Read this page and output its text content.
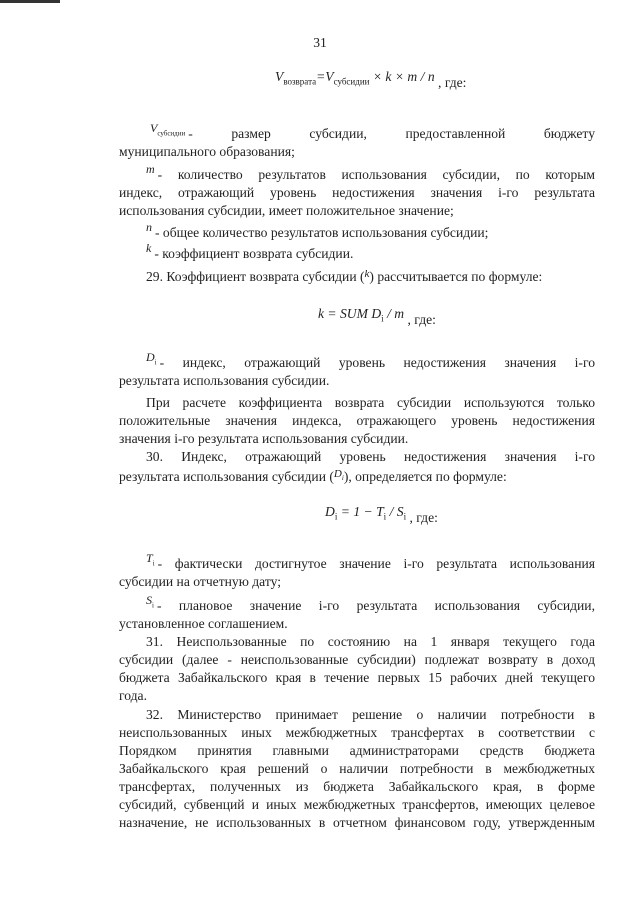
31
$V_{возврата}=V_{субсидии} \times k \times m / n$ , где:
$V_{субсидии}$ - размер субсидии, предоставленной бюджету
муниципального образования;
m - количество результатов использования субсидии, по которым
индекс, отражающий уровень недостижения значения i-го результата
использования субсидии, имеет положительное значение;
n - общее количество результатов использования субсидии;
k - коэффициент возврата субсидии.
29. Коэффициент возврата субсидии ($^k$) рассчитывается по формуле:
k = SUM $D_i$ / m , где:
$D_i$ - индекс, отражающий уровень недостижения значения i-го
результата использования субсидии.
При расчете коэффициента возврата субсидии используются только
положительные значения индекса, отражающего уровень недостижения
значения i-го результата использования субсидии.
30. Индекс, отражающий уровень недостижения значения i-го
результата использования субсидии ($^{D_i}$), определяется по формуле:
$D_i = 1 - T_i / S_i$ , где:
$T_i$ - фактически достигнутое значение i-го результата использования
субсидии на отчетную дату;
$S_i$ - плановое значение i-го результата использования субсидии,
установленное соглашением.
31. Неиспользованные по состоянию на 1 января текущего года
субсидии (далее - неиспользованные субсидии) подлежат возврату в доход
бюджета Забайкальского края в течение первых 15 рабочих дней текущего
года.
32. Министерство принимает решение о наличии потребности в
неиспользованных иных межбюджетных трансфертах в соответствии с
Порядком принятия главными администраторами средств бюджета
Забайкальского края решений о наличии потребности в межбюджетных
трансфертах, полученных из бюджета Забайкальского края, в форме
субсидий, субвенций и иных межбюджетных трансфертов, имеющих целевое
назначение, не использованных в отчетном финансовом году, утвержденным
